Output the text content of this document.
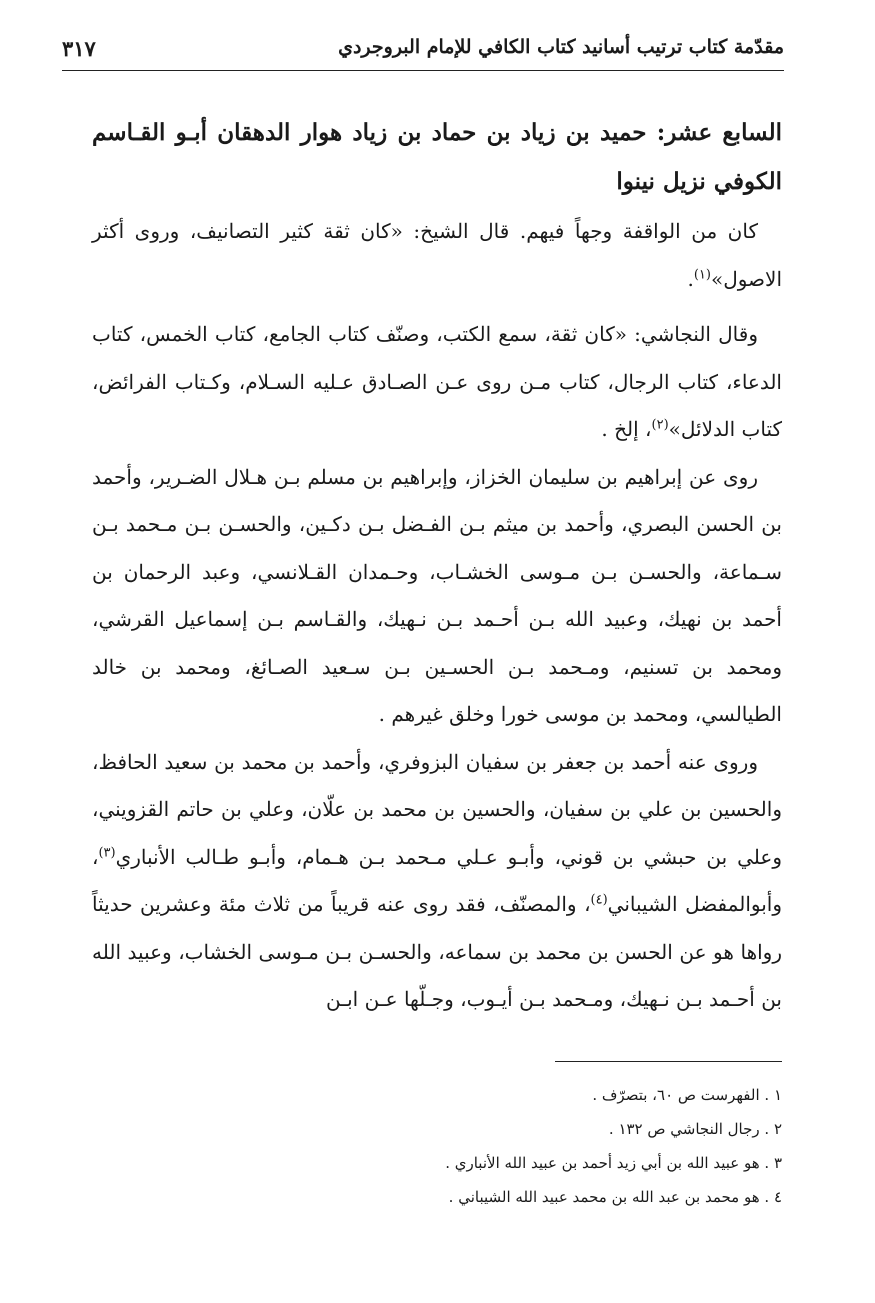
مقدّمة كتاب ترتيب أسانيد كتاب الكافي للإمام البروجردي
٣١٧

السابع عشر: حميد بن زياد بن حماد بن زياد هوار الدهقان أبـو القـاسم الكوفي نزيل نينوا

كان من الواقفة وجهاً فيهم. قال الشيخ: «كان ثقة كثير التصانيف، وروى أكثر الاصول»$^{(١)}$.

وقال النجاشي: «كان ثقة، سمع الكتب، وصنّف كتاب الجامع، كتاب الخمس، كتاب الدعاء، كتاب الرجال، كتاب مـن روى عـن الصـادق عـليه السـلام، وكـتاب الفرائض، كتاب الدلائل»$^{(٢)}$، إلخ .

روى عن إبراهيم بن سليمان الخزاز، وإبراهيم بن مسلم بـن هـلال الضـرير، وأحمد بن الحسن البصري، وأحمد بن ميثم بـن الفـضل بـن دكـين، والحسـن بـن مـحمد بـن سـماعة، والحسـن بـن مـوسى الخشـاب، وحـمدان القـلانسي، وعبد الرحمان بن أحمد بن نهيك، وعبيد الله بـن أحـمد بـن نـهيك، والقـاسم بـن إسماعيل القرشي، ومحمد بن تسنيم، ومـحمد بـن الحسـين بـن سـعيد الصـائغ، ومحمد بن خالد الطيالسي، ومحمد بن موسى خورا وخلق غيرهم .

وروى عنه أحمد بن جعفر بن سفيان البزوفري، وأحمد بن محمد بن سعيد الحافظ، والحسين بن علي بن سفيان، والحسين بن محمد بن علّان، وعلي بن حاتم القزويني، وعلي بن حبشي بن قوني، وأبـو عـلي مـحمد بـن هـمام، وأبـو طـالب الأنباري$^{(٣)}$، وأبوالمفضل الشيباني$^{(٤)}$، والمصنّف، فقد روى عنه قريباً من ثلاث مئة وعشرين حديثاً رواها هو عن الحسن بن محمد بن سماعه، والحسـن بـن مـوسى الخشاب، وعبيد الله بن أحـمد بـن نـهيك، ومـحمد بـن أيـوب، وجـلّها عـن ابـن

١ . الفهرست ص ٦٠، بتصرّف .

٢ . رجال النجاشي ص ١٣٢ .

٣ . هو عبيد الله بن أبي زيد أحمد بن عبيد الله الأنباري .

٤ . هو محمد بن عبد الله بن محمد عبيد الله الشيباني .
